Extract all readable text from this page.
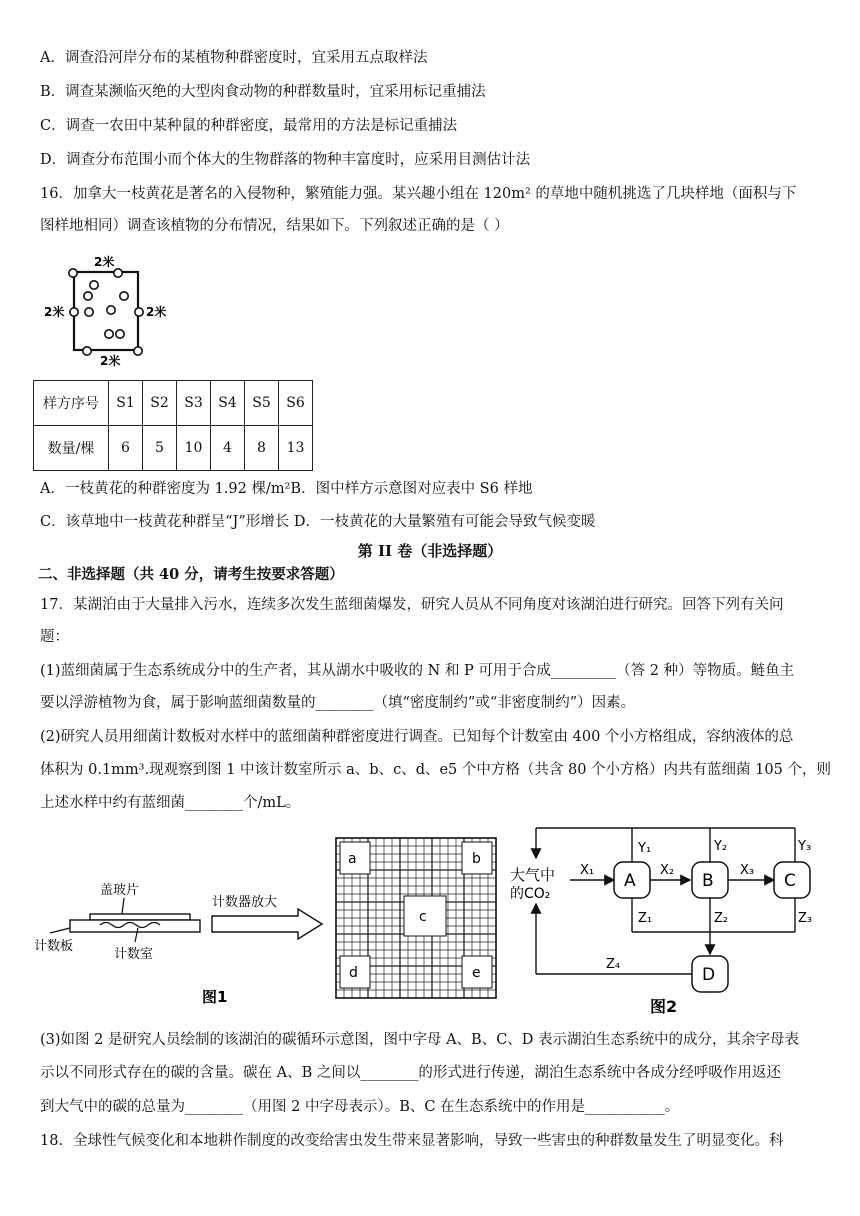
A．调查沿河岸分布的某植物种群密度时，宜采用五点取样法
B．调查某濒临灭绝的大型肉食动物的种群数量时，宜采用标记重捕法
C．调查一农田中某种鼠的种群密度，最常用的方法是标记重捕法
D．调查分布范围小而个体大的生物群落的物种丰富度时，应采用目测估计法
16．加拿大一枝黄花是著名的入侵物种，繁殖能力强。某兴趣小组在 120m² 的草地中随机挑选了几块样地（面积与下
图样地相同）调查该植物的分布情况，结果如下。下列叙述正确的是（ ）
2米
2米	2米
2米
样方序号	S1	S2	S3	S4	S5	S6
数量/棵	6	5	10	4	8	13
A．一枝黄花的种群密度为 1.92 棵/m²B．图中样方示意图对应表中 S6 样地
C．该草地中一枝黄花种群呈“J”形增长 D．一枝黄花的大量繁殖有可能会导致气候变暖
第 II 卷（非选择题）
二、非选择题（共 40 分，请考生按要求答题）
17．某湖泊由于大量排入污水，连续多次发生蓝细菌爆发，研究人员从不同角度对该湖泊进行研究。回答下列有关问
题：
(1)蓝细菌属于生态系统成分中的生产者，其从湖水中吸收的 N 和 P 可用于合成_________（答 2 种）等物质。鲢鱼主
要以浮游植物为食，属于影响蓝细菌数量的________（填“密度制约”或“非密度制约”）因素。
(2)研究人员用细菌计数板对水样中的蓝细菌种群密度进行调查。已知每个计数室由 400 个小方格组成，容纳液体的总
体积为 0.1mm³.现观察到图 1 中该计数室所示 a、b、c、d、e5 个中方格（共含 80 个小方格）内共有蓝细菌 105 个，则
上述水样中约有蓝细菌________个/mL。
盖玻片
计数板
计数室
图1
计数器放大
a	b
c
d	e
大气中
的CO₂
A	B	C
D
X₁	X₂	X₃
Y₁	Y₂	Y₃
Z₁	Z₂	Z₃
Z₄
图2
(3)如图 2 是研究人员绘制的该湖泊的碳循环示意图，图中字母 A、B、C、D 表示湖泊生态系统中的成分，其余字母表
示以不同形式存在的碳的含量。碳在 A、B 之间以________的形式进行传递，湖泊生态系统中各成分经呼吸作用返还
到大气中的碳的总量为________（用图 2 中字母表示）。B、C 在生态系统中的作用是___________。
18．全球性气候变化和本地耕作制度的改变给害虫发生带来显著影响，导致一些害虫的种群数量发生了明显变化。科
